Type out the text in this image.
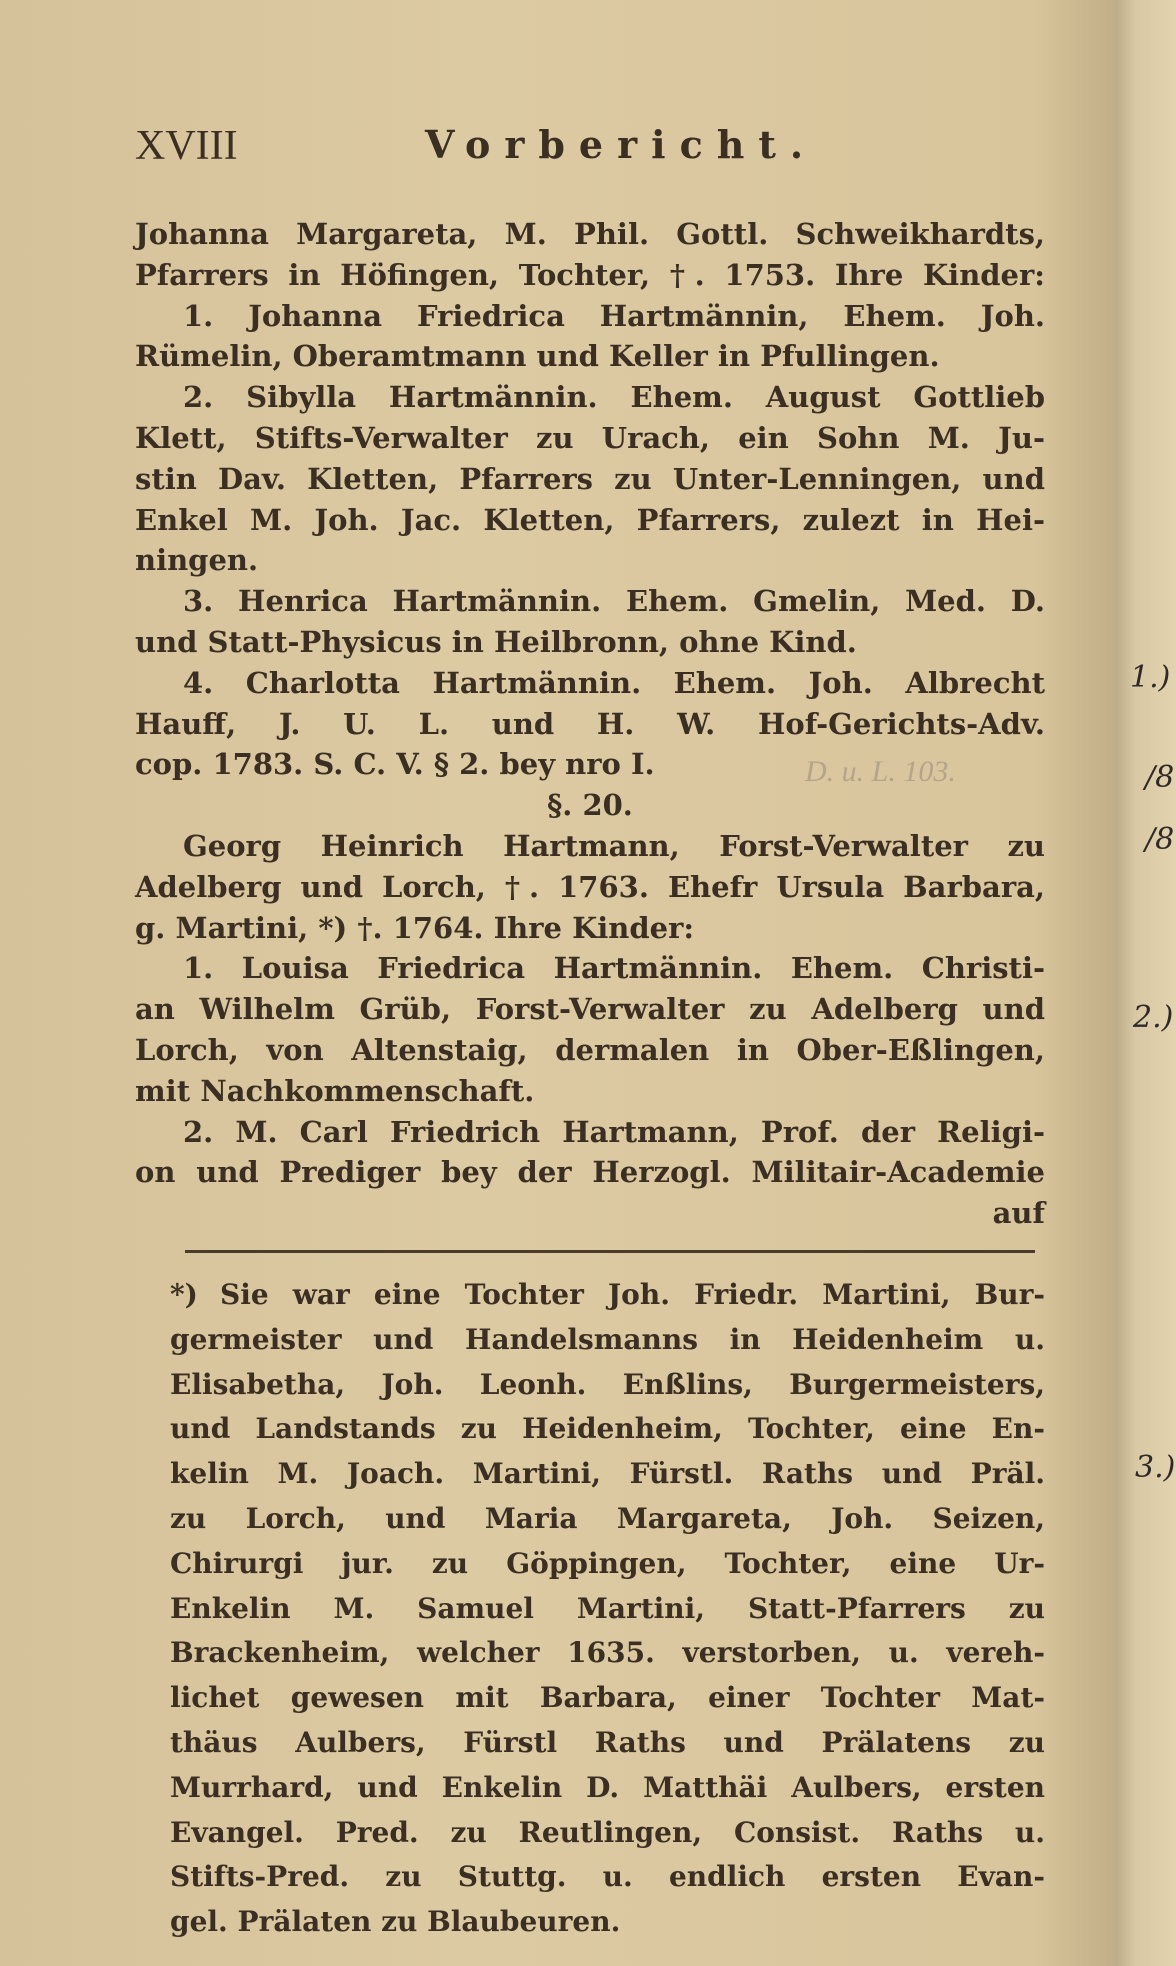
XVIII	Vorbericht.
Johanna Margareta, M. Phil. Gottl. Schweikhardts,
Pfarrers in Höfingen, Tochter, †. 1753. Ihre Kinder:
1. Johanna Friedrica Hartmännin, Ehem. Joh.
Rümelin, Oberamtmann und Keller in Pfullingen.
2. Sibylla Hartmännin. Ehem. August Gottlieb
Klett, Stifts-Verwalter zu Urach, ein Sohn M. Ju-
stin Dav. Kletten, Pfarrers zu Unter-Lenningen, und
Enkel M. Joh. Jac. Kletten, Pfarrers, zulezt in Hei-
ningen.
3. Henrica Hartmännin. Ehem. Gmelin, Med. D.
und Statt-Physicus in Heilbronn, ohne Kind.
4. Charlotta Hartmännin. Ehem. Joh. Albrecht
Hauff, J. U. L. und H. W. Hof-Gerichts-Adv.
cop. 1783. S. C. V. § 2. bey nro I.
§. 20.
Georg Heinrich Hartmann, Forst-Verwalter zu
Adelberg und Lorch, †. 1763. Ehefr Ursula Barbara,
g. Martini, *) †. 1764. Ihre Kinder:
1. Louisa Friedrica Hartmännin. Ehem. Christi-
an Wilhelm Grüb, Forst-Verwalter zu Adelberg und
Lorch, von Altenstaig, dermalen in Ober-Eßlingen,
mit Nachkommenschaft.
2. M. Carl Friedrich Hartmann, Prof. der Religi-
on und Prediger bey der Herzogl. Militair-Academie
auf
D. u. L. 103.
*) Sie war eine Tochter Joh. Friedr. Martini, Bur-
germeister und Handelsmanns in Heidenheim u.
Elisabetha, Joh. Leonh. Enßlins, Burgermeisters,
und Landstands zu Heidenheim, Tochter, eine En-
kelin M. Joach. Martini, Fürstl. Raths und Präl.
zu Lorch, und Maria Margareta, Joh. Seizen,
Chirurgi jur. zu Göppingen, Tochter, eine Ur-
Enkelin M. Samuel Martini, Statt-Pfarrers zu
Brackenheim, welcher 1635. verstorben, u. vereh-
lichet gewesen mit Barbara, einer Tochter Mat-
thäus Aulbers, Fürstl Raths und Prälatens zu
Murrhard, und Enkelin D. Matthäi Aulbers, ersten
Evangel. Pred. zu Reutlingen, Consist. Raths u.
Stifts-Pred. zu Stuttg. u. endlich ersten Evan-
gel. Prälaten zu Blaubeuren.
1.)
/8
/8
2.)
3.)
